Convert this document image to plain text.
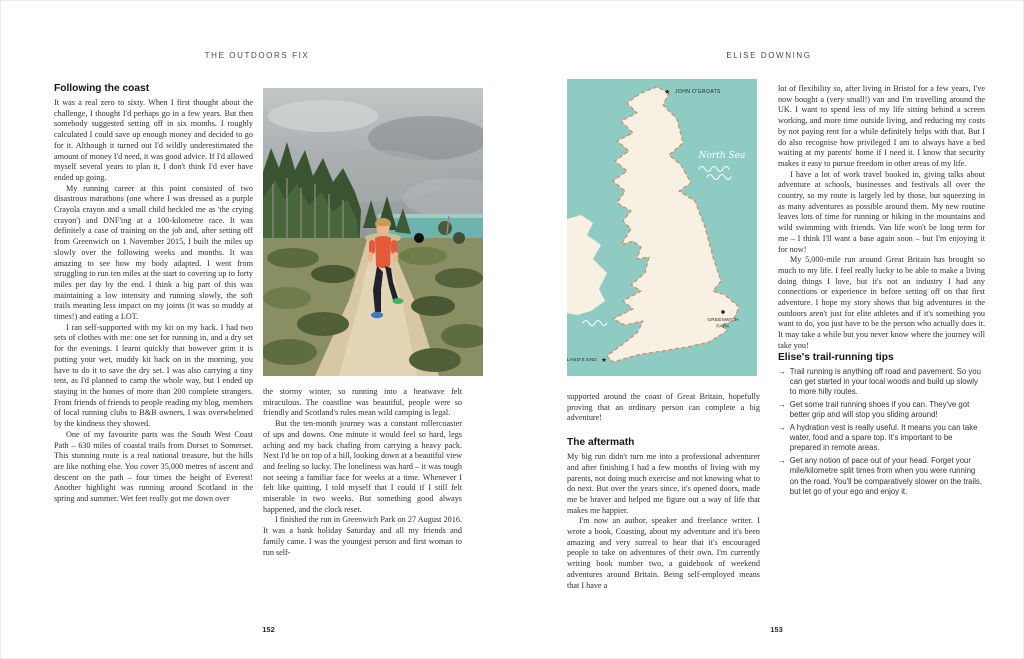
THE OUTDOORS FIX	ELISE DOWNING
Following the coast

It was a real zero to sixty. When I first thought about the challenge, I thought I'd perhaps go in a few years. But then somebody suggested setting off in six months. I roughly calculated I could save up enough money and decided to go for it. Although it turned out I'd wildly underestimated the amount of money I'd need, it was good advice. If I'd allowed myself several years to plan it, I don't think I'd ever have ended up going.

My running career at this point consisted of two disastrous marathons (one where I was dressed as a purple Crayola crayon and a small child heckled me as 'the crying crayon') and DNF'ing at a 100-kilometre race. It was definitely a case of training on the job and, after setting off from Greenwich on 1 November 2015, I built the miles up slowly over the following weeks and months. It was amazing to see how my body adapted. I went from struggling to run ten miles at the start to covering up to forty miles per day by the end. I think a big part of this was maintaining a low intensity and running slowly, the soft trails meaning less impact on my joints (it was so muddy at times!) and eating a LOT.

I ran self-supported with my kit on my back. I had two sets of clothes with me: one set for running in, and a dry set for the evenings. I learnt quickly that however grim it is putting your wet, muddy kit back on in the morning, you have to do it to save the dry set. I was also carrying a tiny tent, as I'd planned to camp the whole way, but I ended up staying in the homes of more than 200 complete strangers. From friends of friends to people reading my blog, members of local running clubs to B&B owners, I was overwhelmed by the kindness they showed.

One of my favourite parts was the South West Coast Path – 630 miles of coastal trails from Dorset to Somerset. This stunning route is a real national treasure, but the hills are like nothing else. You cover 35,000 metres of ascent and descent on the path – four times the height of Everest! Another highlight was running around Scotland in the spring and summer. Wet feet really got me down over

the stormy winter, so running into a heatwave felt miraculous. The coastline was beautiful, people were so friendly and Scotland's rules mean wild camping is legal.

But the ten-month journey was a constant rollercoaster of ups and downs. One minute it would feel so hard, legs aching and my back chafing from carrying a heavy pack. Next I'd be on top of a hill, looking down at a beautiful view and feeling so lucky. The loneliness was hard – it was tough not seeing a familiar face for weeks at a time. Whenever I felt like quitting, I told myself that I could if I still felt miserable in two weeks. But something good always happened, and the clock reset.

I finished the run in Greenwich Park on 27 August 2016. It was a bank holiday Saturday and all my friends and family came. I was the youngest person and first woman to run self-

★ JOHN O'GROATS
North Sea
GREENWICH
PARK
LAND'S END ★

supported around the coast of Great Britain, hopefully proving that an ordinary person can complete a big adventure!

The aftermath

My big run didn't turn me into a professional adventurer and after finishing I had a few months of living with my parents, not doing much exercise and not knowing what to do next. But over the years since, it's opened doors, made me be braver and helped me figure out a way of life that makes me happier.

I'm now an author, speaker and freelance writer. I wrote a book, Coasting, about my adventure and it's been amazing and very surreal to hear that it's encouraged people to take on adventures of their own. I'm currently writing book number two, a guidebook of weekend adventures around Britain. Being self-employed means that I have a

lot of flexibility so, after living in Bristol for a few years, I've now bought a (very small!) van and I'm travelling around the UK. I want to spend less of my life sitting behind a screen working, and more time outside living, and reducing my costs by not paying rent for a while definitely helps with that. But I do also recognise how privileged I am to always have a bed waiting at my parents' home if I need it. I know that security makes it easy to pursue freedom in other areas of my life.

I have a lot of work travel booked in, giving talks about adventure at schools, businesses and festivals all over the country, so my route is largely led by those, but squeezing in as many adventures as possible around them. My new routine leaves lots of time for running or hiking in the mountains and wild swimming with friends. Van life won't be long term for me – I think I'll want a base again soon – but I'm enjoying it for now!

My 5,000-mile run around Great Britain has brought so much to my life. I feel really lucky to be able to make a living doing things I love, but it's not an industry I had any connections or experience in before setting off on that first adventure. I hope my story shows that big adventures in the outdoors aren't just for elite athletes and if it's something you want to do, you just have to be the person who actually does it. It may take a while but you never know where the journey will take you!

Elise's trail-running tips
→ Trail running is anything off road and pavement. So you can get started in your local woods and build up slowly to more hilly routes.
→ Get some trail running shoes if you can. They've got better grip and will stop you sliding around!
→ A hydration vest is really useful. It means you can take water, food and a spare top. It's important to be prepared in remote areas.
→ Get any notion of pace out of your head. Forget your mile/kilometre split times from when you were running on the road. You'll be comparatively slower on the trails, but let go of your ego and enjoy it.
152	153
